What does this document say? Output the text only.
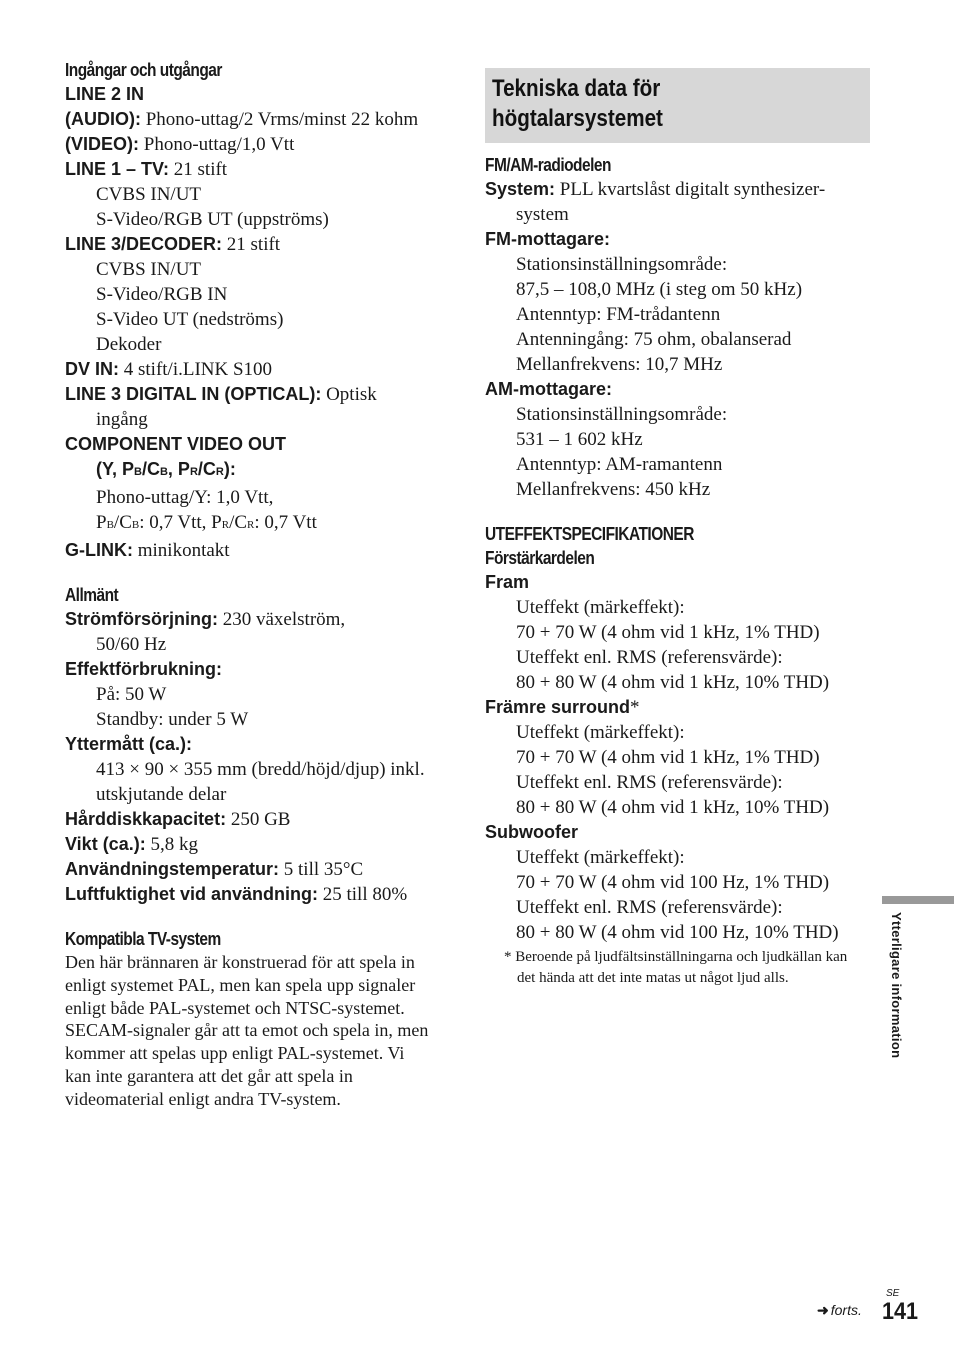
Ingångar och utgångar
LINE 2 IN
(AUDIO): Phono-uttag/2 Vrms/minst 22 kohm
(VIDEO): Phono-uttag/1,0 Vtt
LINE 1 – TV: 21 stift
CVBS IN/UT
S-Video/RGB UT (uppströms)
LINE 3/DECODER: 21 stift
CVBS IN/UT
S-Video/RGB IN
S-Video UT (nedströms)
Dekoder
DV IN: 4 stift/i.LINK S100
LINE 3 DIGITAL IN (OPTICAL): Optisk
ingång
COMPONENT VIDEO OUT
(Y, PB/CB, PR/CR):
Phono-uttag/Y: 1,0 Vtt,
PB/CB: 0,7 Vtt, PR/CR: 0,7 Vtt
G-LINK: minikontakt
Allmänt
Strömförsörjning: 230 växelström,
50/60 Hz
Effektförbrukning:
På: 50 W
Standby: under 5 W
Yttermått (ca.):
413 × 90 × 355 mm (bredd/höjd/djup) inkl.
utskjutande delar
Hårddiskkapacitet: 250 GB
Vikt (ca.): 5,8 kg
Användningstemperatur: 5 till 35°C
Luftfuktighet vid användning: 25 till 80%
Kompatibla TV-system
Den här brännaren är konstruerad för att spela in
enligt systemet PAL, men kan spela upp signaler
enligt både PAL-systemet och NTSC-systemet.
SECAM-signaler går att ta emot och spela in, men
kommer att spelas upp enligt PAL-systemet. Vi
kan inte garantera att det går att spela in
videomaterial enligt andra TV-system.
Tekniska data för
högtalarsystemet
FM/AM-radiodelen
System: PLL kvartslåst digitalt synthesizer-
system
FM-mottagare:
Stationsinställningsområde:
87,5 – 108,0 MHz (i steg om 50 kHz)
Antenntyp: FM-trådantenn
Antenningång: 75 ohm, obalanserad
Mellanfrekvens: 10,7 MHz
AM-mottagare:
Stationsinställningsområde:
531 – 1 602 kHz
Antenntyp: AM-ramantenn
Mellanfrekvens: 450 kHz
UTEFFEKTSPECIFIKATIONER
Förstärkardelen
Fram
Uteffekt (märkeffekt):
70 + 70 W (4 ohm vid 1 kHz, 1% THD)
Uteffekt enl. RMS (referensvärde):
80 + 80 W (4 ohm vid 1 kHz, 10% THD)
Främre surround*
Uteffekt (märkeffekt):
70 + 70 W (4 ohm vid 1 kHz, 1% THD)
Uteffekt enl. RMS (referensvärde):
80 + 80 W (4 ohm vid 1 kHz, 10% THD)
Subwoofer
Uteffekt (märkeffekt):
70 + 70 W (4 ohm vid 100 Hz, 1% THD)
Uteffekt enl. RMS (referensvärde):
80 + 80 W (4 ohm vid 100 Hz, 10% THD)
* Beroende på ljudfältsinställningarna och ljudkällan kan det hända att det inte matas ut något ljud alls.	Ytterligare information
➜ forts.
SE
141
